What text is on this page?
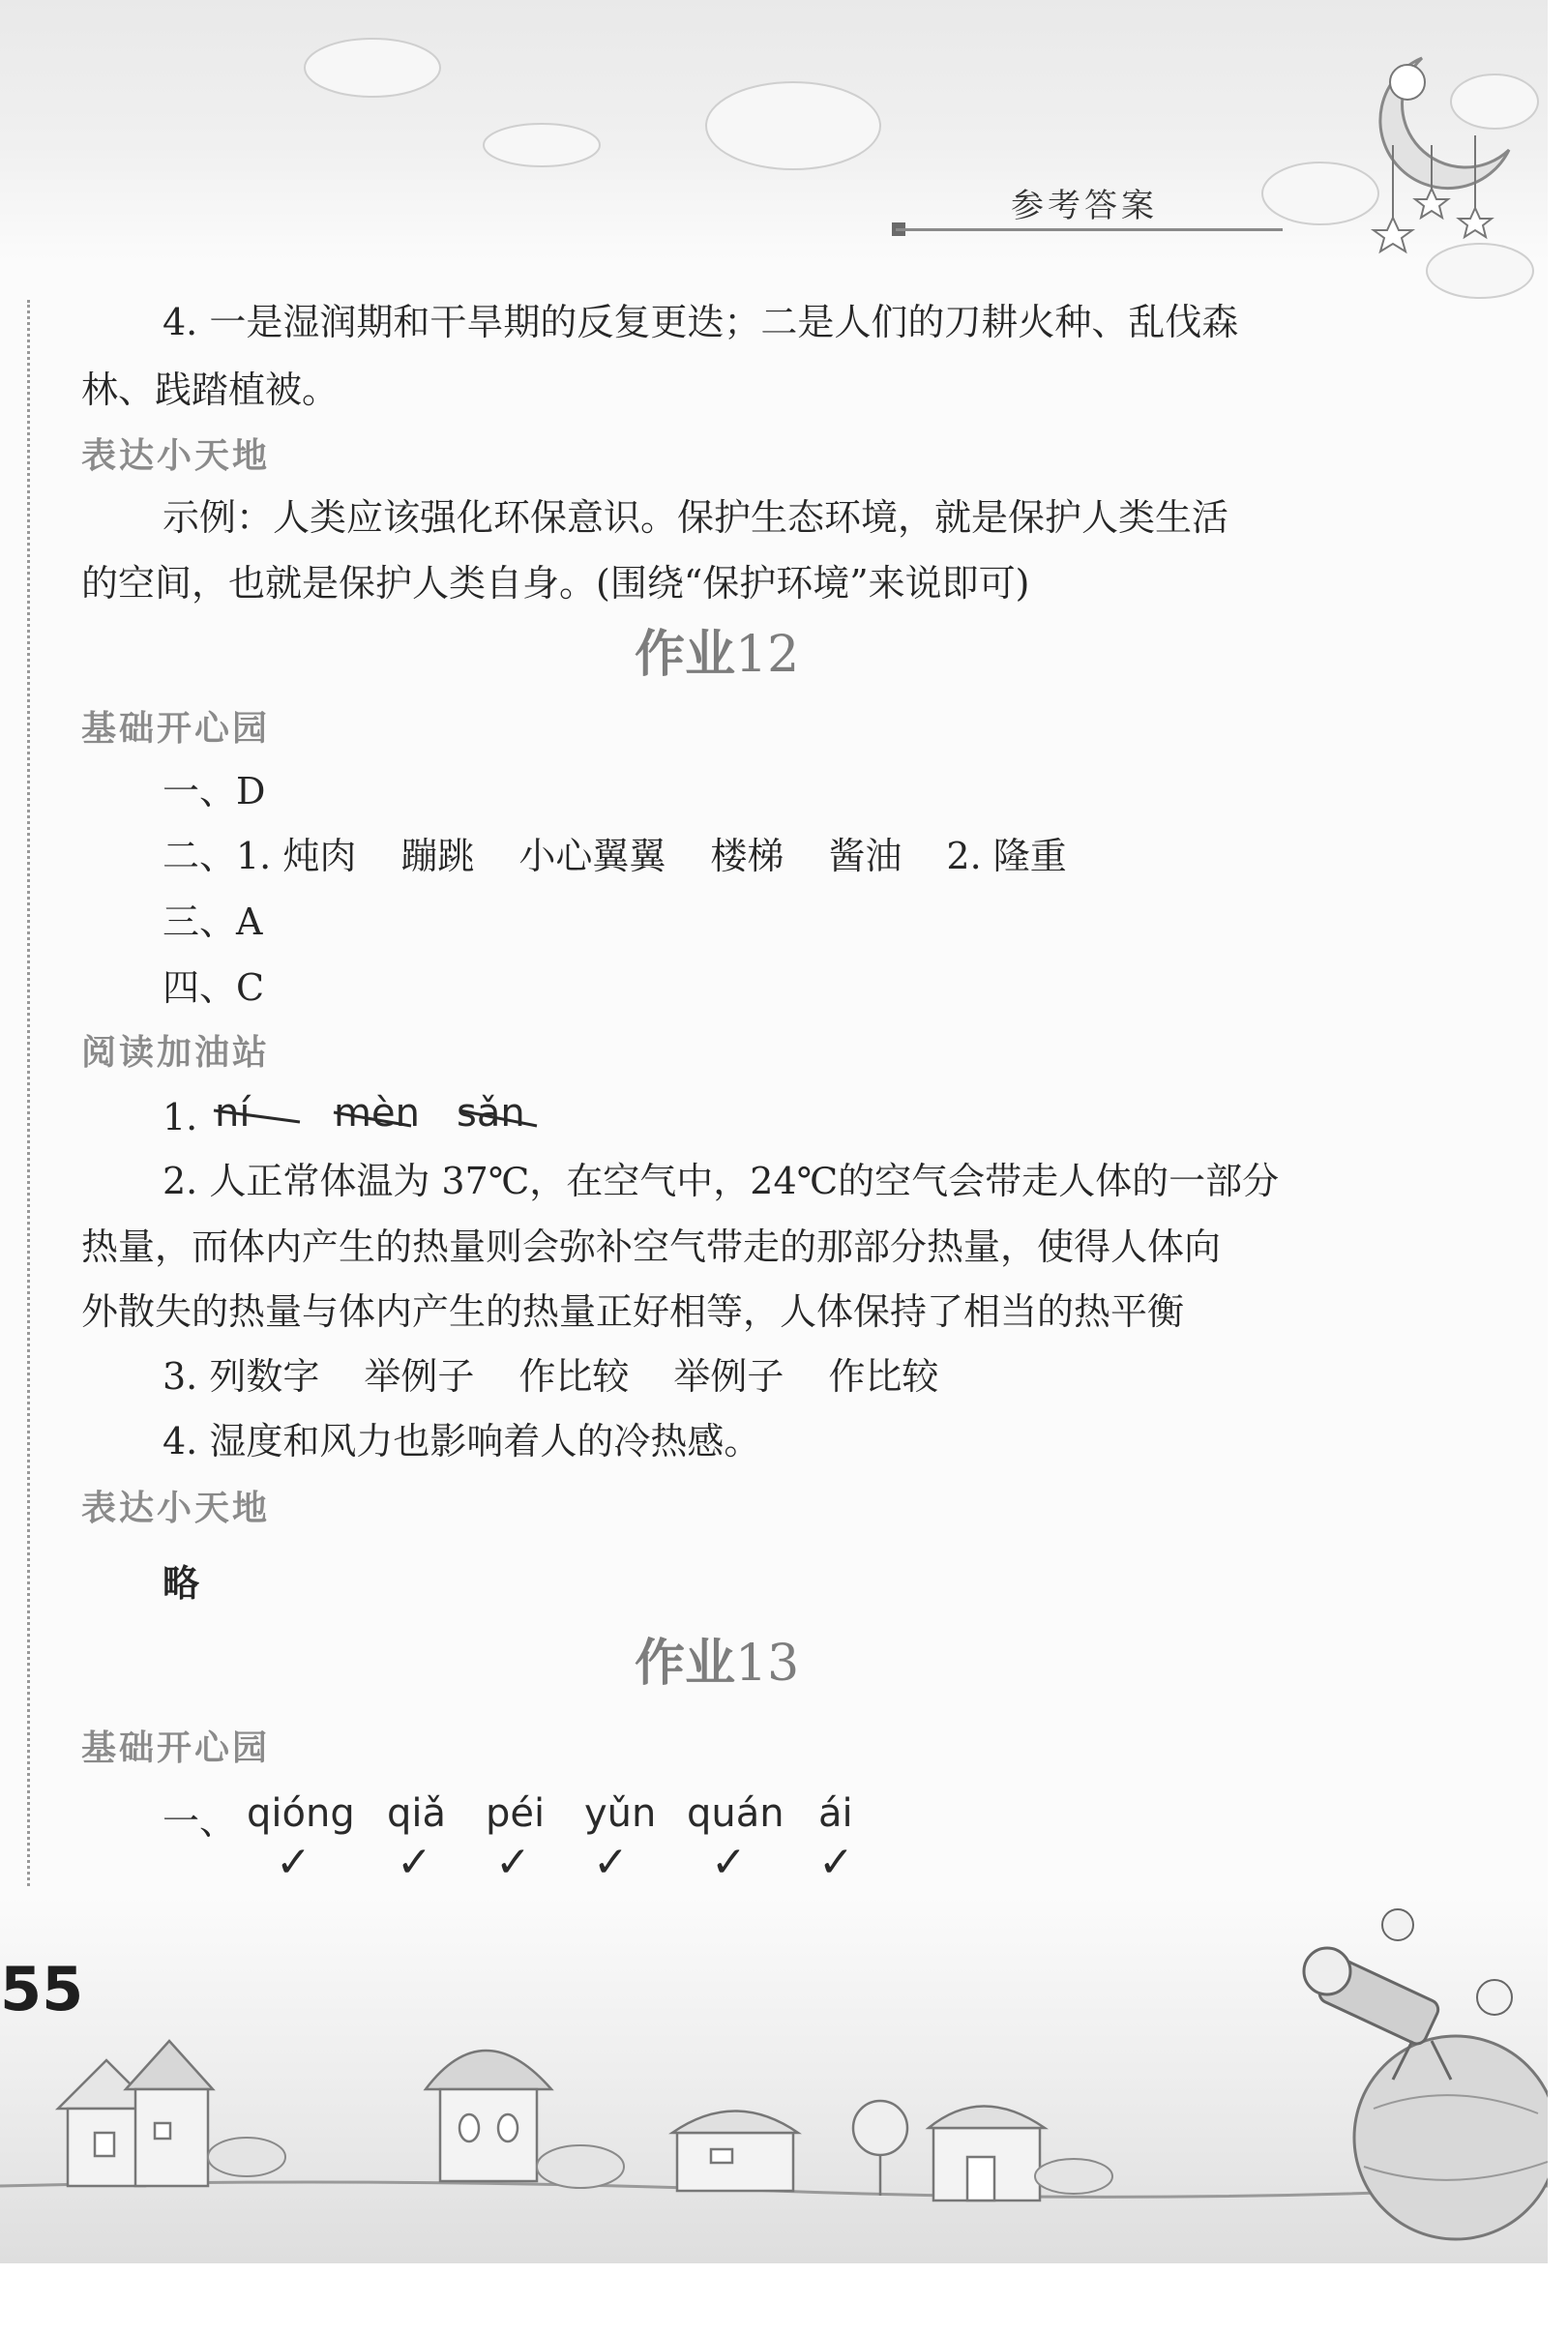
参考答案
4. 一是湿润期和干旱期的反复更迭；二是人们的刀耕火种、乱伐森
林、践踏植被。
表达小天地
示例：人类应该强化环保意识。保护生态环境，就是保护人类生活
的空间，也就是保护人类自身。(围绕“保护环境”来说即可)
作业12
基础开心园
一、D
二、1. 炖肉 蹦跳 小心翼翼 楼梯 酱油 2. 隆重
三、A
四、C
阅读加油站
1. ní mèn sǎn
2. 人正常体温为 37℃，在空气中，24℃的空气会带走人体的一部分
热量，而体内产生的热量则会弥补空气带走的那部分热量，使得人体向
外散失的热量与体内产生的热量正好相等，人体保持了相当的热平衡
3. 列数字 举例子 作比较 举例子 作比较
4. 湿度和风力也影响着人的冷热感。
表达小天地
略
作业13
基础开心园
一、 qióng qiǎ péi yǔn quán ái
✓ ✓ ✓ ✓ ✓ ✓
55
